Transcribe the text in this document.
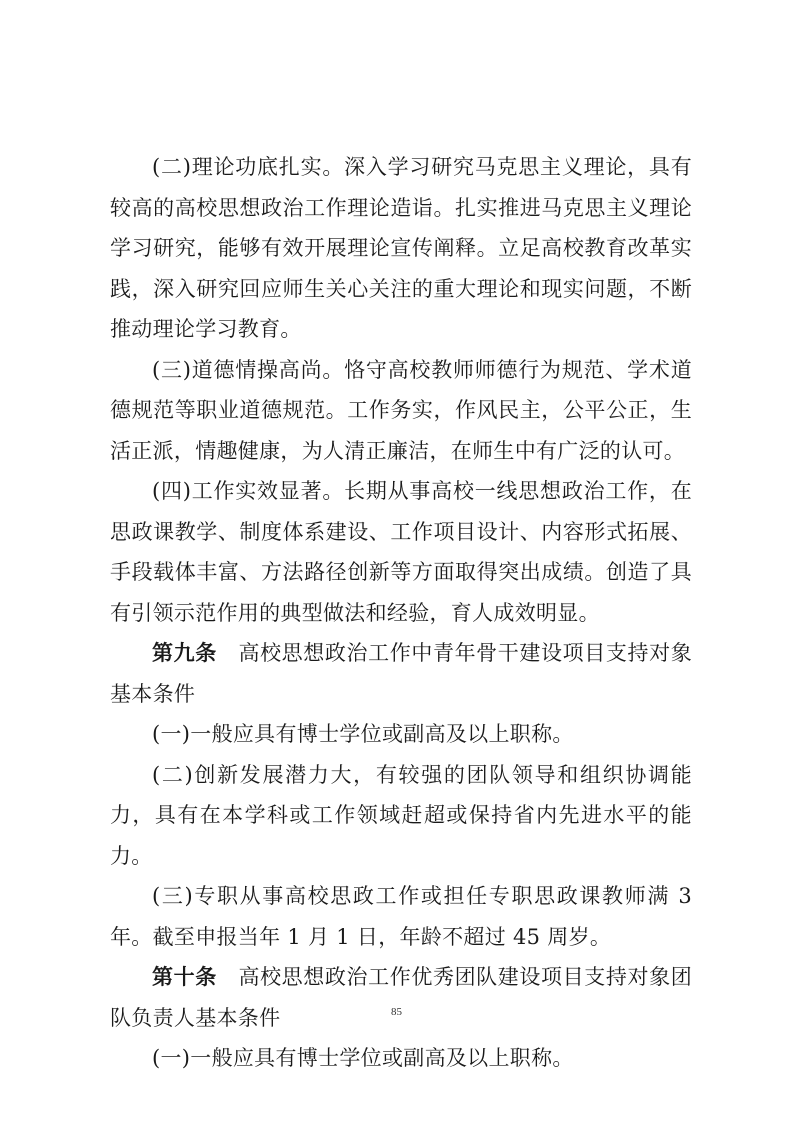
(二)理论功底扎实。深入学习研究马克思主义理论，具有较高的高校思想政治工作理论造诣。扎实推进马克思主义理论学习研究，能够有效开展理论宣传阐释。立足高校教育改革实践，深入研究回应师生关心关注的重大理论和现实问题，不断推动理论学习教育。

(三)道德情操高尚。恪守高校教师师德行为规范、学术道德规范等职业道德规范。工作务实，作风民主，公平公正，生活正派，情趣健康，为人清正廉洁，在师生中有广泛的认可。

(四)工作实效显著。长期从事高校一线思想政治工作，在思政课教学、制度体系建设、工作项目设计、内容形式拓展、手段载体丰富、方法路径创新等方面取得突出成绩。创造了具有引领示范作用的典型做法和经验，育人成效明显。

第九条　高校思想政治工作中青年骨干建设项目支持对象基本条件

(一)一般应具有博士学位或副高及以上职称。

(二)创新发展潜力大，有较强的团队领导和组织协调能力，具有在本学科或工作领域赶超或保持省内先进水平的能力。

(三)专职从事高校思政工作或担任专职思政课教师满 3 年。截至申报当年 1 月 1 日，年龄不超过 45 周岁。

第十条　高校思想政治工作优秀团队建设项目支持对象团队负责人基本条件

(一)一般应具有博士学位或副高及以上职称。

85
